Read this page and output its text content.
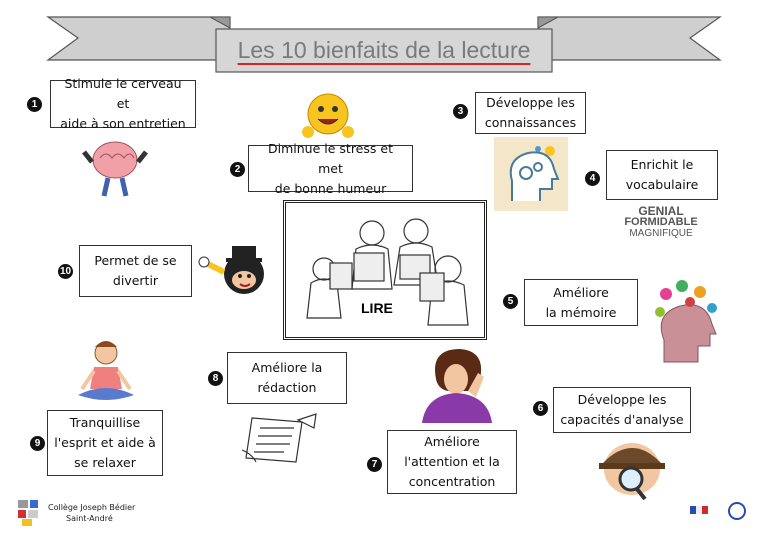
Les 10 bienfaits de la lecture
LIRE
1
Stimule le cerveau et
aide à son entretien
2
Diminue le stress et met
de bonne humeur
3
Développe les
connaissances
4
Enrichit le
vocabulaire
GENIAL
FORMIDABLE
MAGNIFIQUE
10
Permet de se
divertir
5
Améliore
la mémoire
9
Tranquillise
l'esprit et aide à
se relaxer
8
Améliore la
rédaction
7
Améliore
l'attention et la
concentration
6
Développe les
capacités d'analyse
Collège Joseph Bédier
Saint-André
